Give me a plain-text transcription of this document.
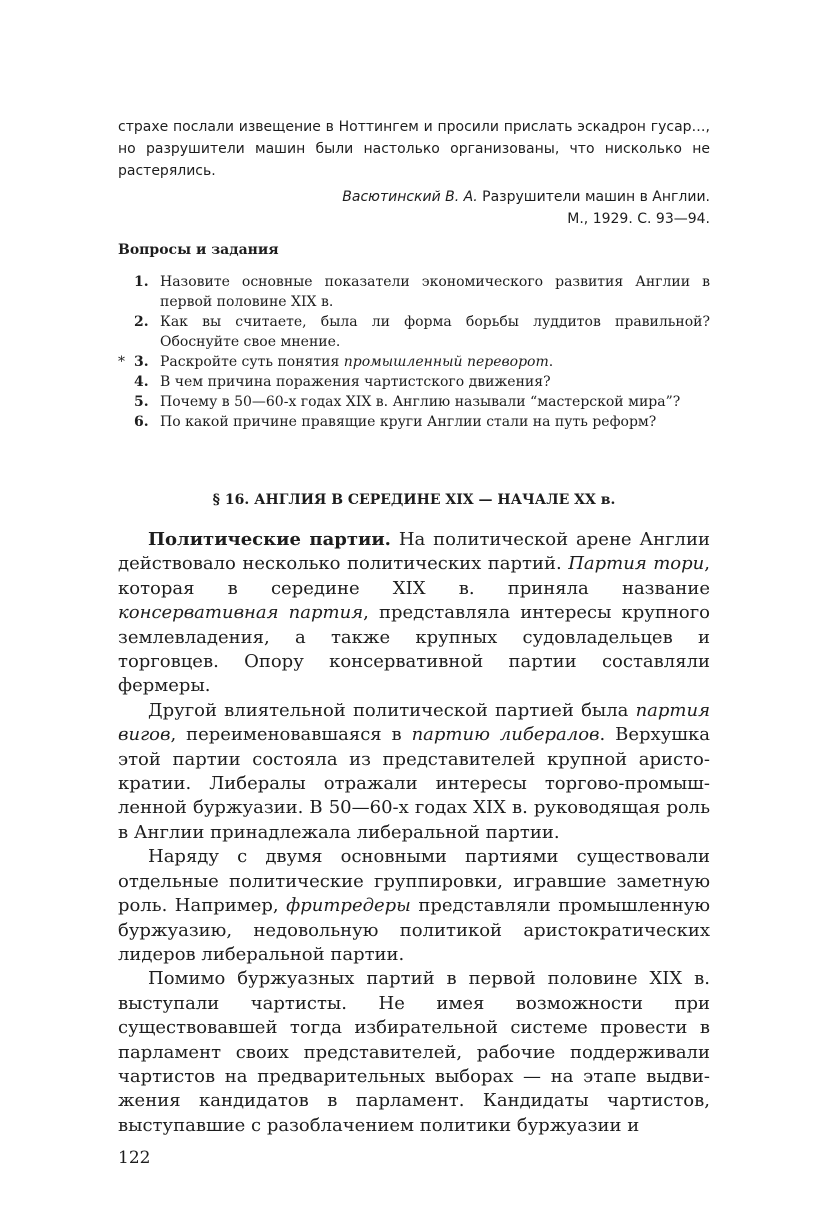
страхе послали извещение в Ноттингем и просили прислать эскадрон гусар…, но разрушители машин были настолько организованы, что нисколько не растерялись.

Васютинский В. А. Разрушители машин в Англии.
М., 1929. С. 93—94.
Вопросы и задания
1. Назовите основные показатели экономического развития Англии в первой половине XIX в.
2. Как вы считаете, была ли форма борьбы луддитов правильной? Обоснуйте свое мнение.
* 3. Раскройте суть понятия промышленный переворот.
4. В чем причина поражения чартистского движения?
5. Почему в 50—60-х годах XIX в. Англию называли “мастерской мира”?
6. По какой причине правящие круги Англии стали на путь реформ?
§ 16. АНГЛИЯ В СЕРЕДИНЕ XIX — НАЧАЛЕ XX в.

Политические партии. На политической арене Англии действовало несколько политических партий. Партия тори, которая в середине XIX в. приняла название консервативная партия, представляла интересы крупного землевладения, а также крупных судовладельцев и торговцев. Опору консервативной партии составляли фермеры.

Другой влиятельной политической партией была партия вигов, переименовавшаяся в партию либералов. Верхушка этой партии состояла из представителей крупной аристократии. Либералы отражали интересы торгово-промышленной буржуазии. В 50—60-х годах XIX в. руководящая роль в Англии принадлежала либеральной партии.

Наряду с двумя основными партиями существовали отдельные политические группировки, игравшие заметную роль. Например, фритредеры представляли промышленную буржуазию, недовольную политикой аристократических лидеров либеральной партии.

Помимо буржуазных партий в первой половине XIX в. выступали чартисты. Не имея возможности при существовавшей тогда избирательной системе провести в парламент своих представителей, рабочие поддерживали чартистов на предварительных выборах — на этапе выдвижения кандидатов в парламент. Кандидаты чартистов, выступавшие с разоблачением политики буржуазии и

122
